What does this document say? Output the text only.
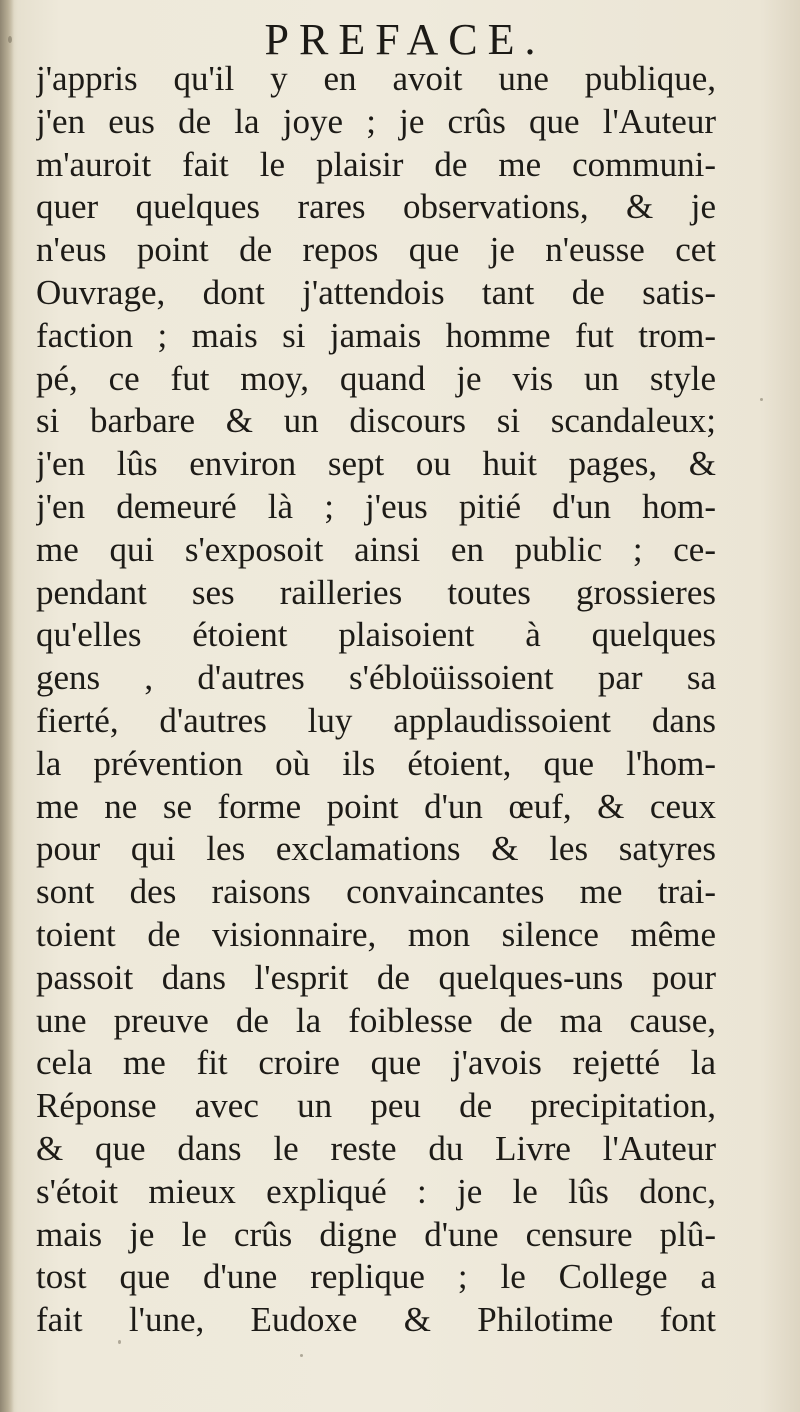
PREFACE.
j'appris qu'il y en avoit une publique,
j'en eus de la joye ; je crûs que l'Auteur
m'auroit fait le plaisir de me communi-
quer quelques rares observations, & je
n'eus point de repos que je n'eusse cet
Ouvrage, dont j'attendois tant de satis-
faction ; mais si jamais homme fut trom-
pé, ce fut moy, quand je vis un style
si barbare & un discours si scandaleux;
j'en lûs environ sept ou huit pages, &
j'en demeuré là ; j'eus pitié d'un hom-
me qui s'exposoit ainsi en public ; ce-
pendant ses railleries toutes grossieres
qu'elles étoient plaisoient à quelques
gens , d'autres s'ébloüissoient par sa
fierté, d'autres luy applaudissoient dans
la prévention où ils étoient, que l'hom-
me ne se forme point d'un œuf, & ceux
pour qui les exclamations & les satyres
sont des raisons convaincantes me trai-
toient de visionnaire, mon silence même
passoit dans l'esprit de quelques-uns pour
une preuve de la foiblesse de ma cause,
cela me fit croire que j'avois rejetté la
Réponse avec un peu de precipitation,
& que dans le reste du Livre l'Auteur
s'étoit mieux expliqué : je le lûs donc,
mais je le crûs digne d'une censure plû-
tost que d'une replique ; le College a
fait l'une, Eudoxe & Philotime font
